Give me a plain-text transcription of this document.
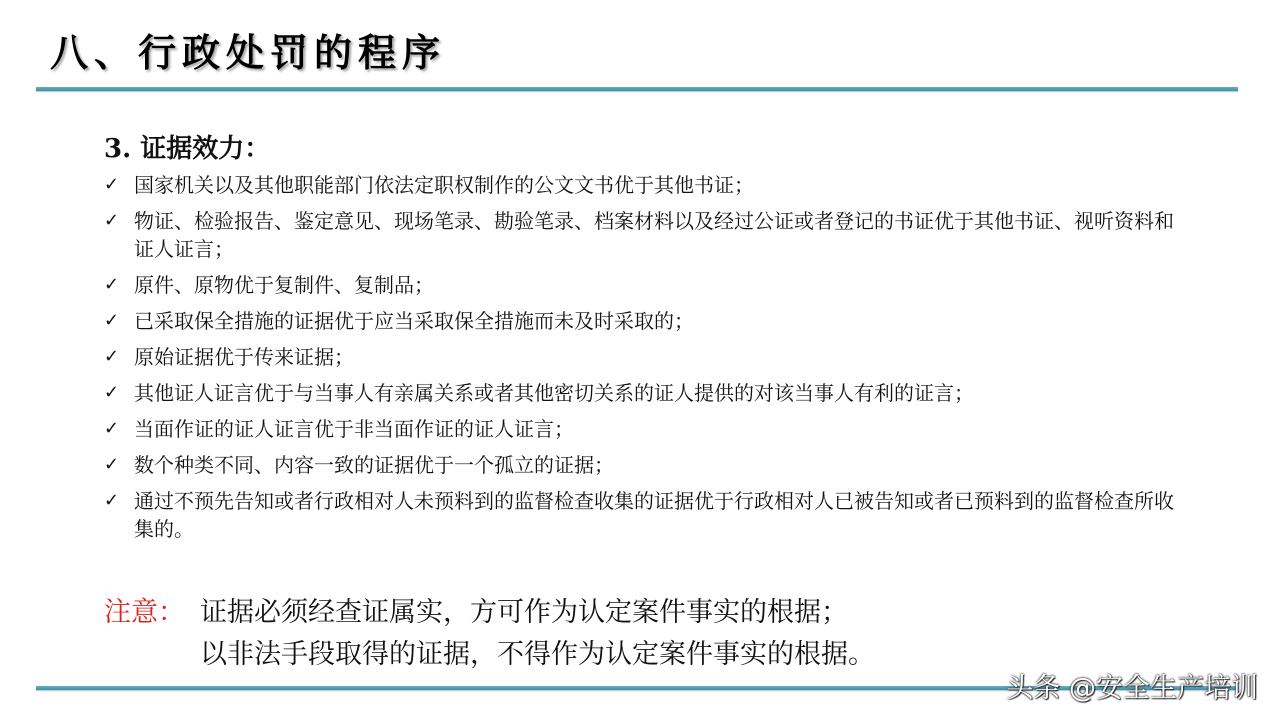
八、行政处罚的程序
3. 证据效力：
✓ 国家机关以及其他职能部门依法定职权制作的公文文书优于其他书证；
✓ 物证、检验报告、鉴定意见、现场笔录、勘验笔录、档案材料以及经过公证或者登记的书证优于其他书证、视听资料和证人证言；
✓ 原件、原物优于复制件、复制品；
✓ 已采取保全措施的证据优于应当采取保全措施而未及时采取的；
✓ 原始证据优于传来证据；
✓ 其他证人证言优于与当事人有亲属关系或者其他密切关系的证人提供的对该当事人有利的证言；
✓ 当面作证的证人证言优于非当面作证的证人证言；
✓ 数个种类不同、内容一致的证据优于一个孤立的证据；
✓ 通过不预先告知或者行政相对人未预料到的监督检查收集的证据优于行政相对人已被告知或者已预料到的监督检查所收集的。
注意： 证据必须经查证属实，方可作为认定案件事实的根据；
以非法手段取得的证据，不得作为认定案件事实的根据。
头条 @安全生产培训
